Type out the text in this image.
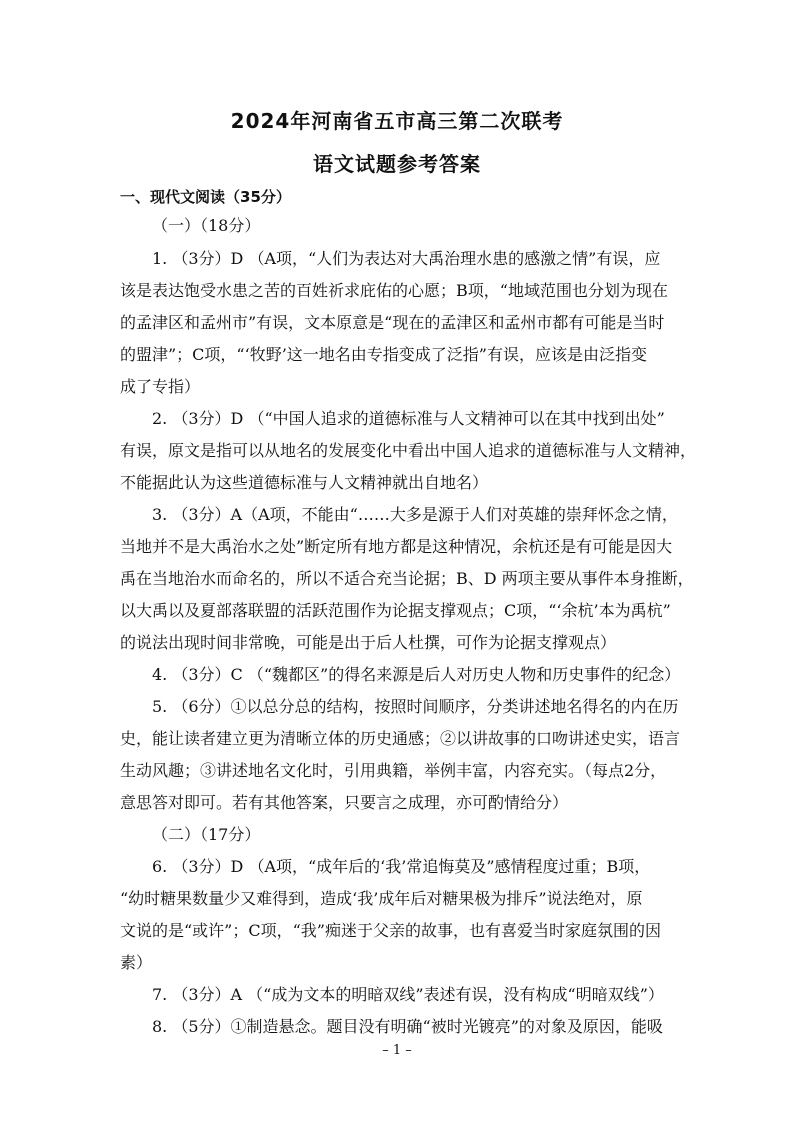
2024年河南省五市高三第二次联考
语文试题参考答案
一、现代文阅读（35分）
（一）（18分）
1. （3分）D （A项，“人们为表达对大禹治理水患的感激之情”有误，应
该是表达饱受水患之苦的百姓祈求庇佑的心愿；B项，“地域范围也分划为现在
的孟津区和孟州市”有误，文本原意是“现在的孟津区和孟州市都有可能是当时
的盟津”；C项，“‘牧野’这一地名由专指变成了泛指”有误，应该是由泛指变
成了专指）
2. （3分）D （“中国人追求的道德标准与人文精神可以在其中找到出处”
有误，原文是指可以从地名的发展变化中看出中国人追求的道德标准与人文精神，
不能据此认为这些道德标准与人文精神就出自地名）
3. （3分）A（A项，不能由“……大多是源于人们对英雄的崇拜怀念之情，
当地并不是大禹治水之处”断定所有地方都是这种情况，余杭还是有可能是因大
禹在当地治水而命名的，所以不适合充当论据；B、D 两项主要从事件本身推断，
以大禹以及夏部落联盟的活跃范围作为论据支撑观点；C项，“‘余杭’本为禹杭”
的说法出现时间非常晚，可能是出于后人杜撰，可作为论据支撑观点）
4. （3分）C （“魏都区”的得名来源是后人对历史人物和历史事件的纪念）
5. （6分）①以总分总的结构，按照时间顺序，分类讲述地名得名的内在历
史，能让读者建立更为清晰立体的历史通感；②以讲故事的口吻讲述史实，语言
生动风趣；③讲述地名文化时，引用典籍，举例丰富，内容充实。（每点2分，
意思答对即可。若有其他答案，只要言之成理，亦可酌情给分）
（二）（17分）
6. （3分）D （A项，“成年后的‘我’常追悔莫及”感情程度过重；B项，
“幼时糖果数量少又难得到，造成‘我’成年后对糖果极为排斥”说法绝对，原
文说的是“或许”；C项，“我”痴迷于父亲的故事，也有喜爱当时家庭氛围的因
素）
7. （3分）A （“成为文本的明暗双线”表述有误，没有构成“明暗双线”）
8. （5分）①制造悬念。题目没有明确“被时光镀亮”的对象及原因，能吸
– 1 –
